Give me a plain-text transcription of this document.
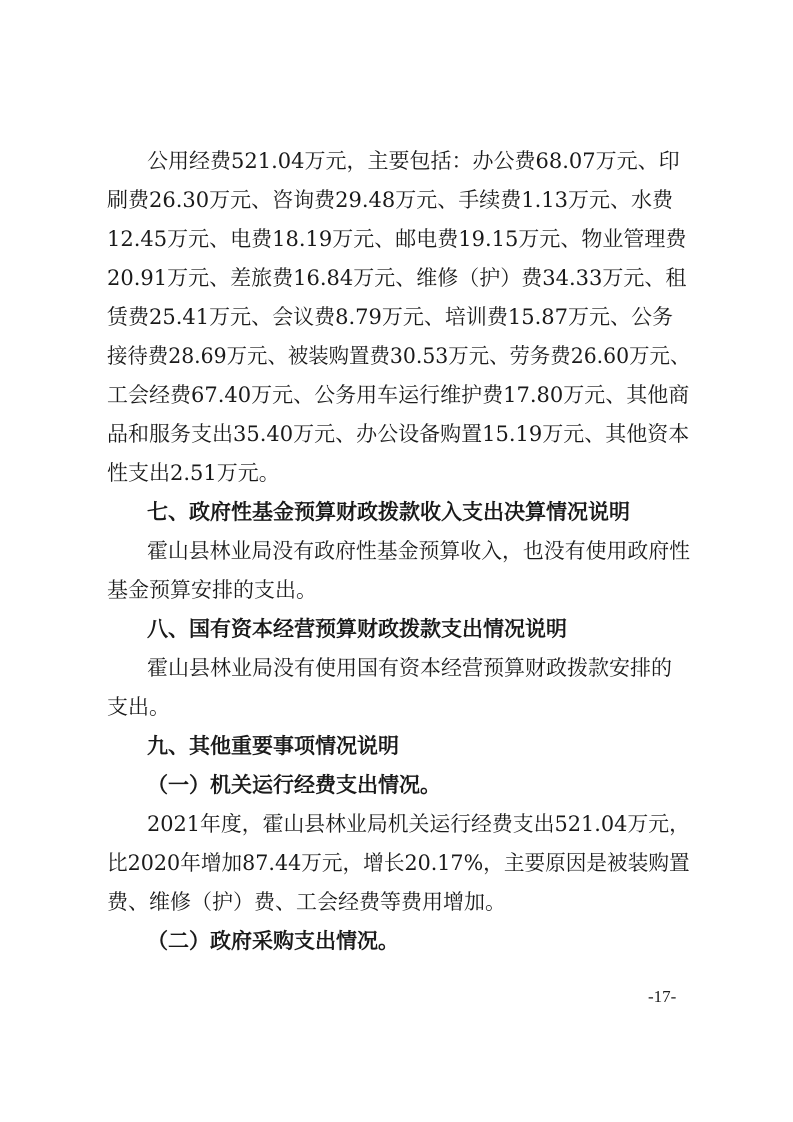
公用经费521.04万元，主要包括：办公费68.07万元、印
刷费26.30万元、咨询费29.48万元、手续费1.13万元、水费
12.45万元、电费18.19万元、邮电费19.15万元、物业管理费
20.91万元、差旅费16.84万元、维修（护）费34.33万元、租
赁费25.41万元、会议费8.79万元、培训费15.87万元、公务
接待费28.69万元、被装购置费30.53万元、劳务费26.60万元、
工会经费67.40万元、公务用车运行维护费17.80万元、其他商
品和服务支出35.40万元、办公设备购置15.19万元、其他资本
性支出2.51万元。
七、政府性基金预算财政拨款收入支出决算情况说明
霍山县林业局没有政府性基金预算收入，也没有使用政府性
基金预算安排的支出。
八、国有资本经营预算财政拨款支出情况说明
霍山县林业局没有使用国有资本经营预算财政拨款安排的
支出。
九、其他重要事项情况说明
（一）机关运行经费支出情况。
2021年度，霍山县林业局机关运行经费支出521.04万元，
比2020年增加87.44万元，增长20.17%，主要原因是被装购置
费、维修（护）费、工会经费等费用增加。
（二）政府采购支出情况。
-17-
